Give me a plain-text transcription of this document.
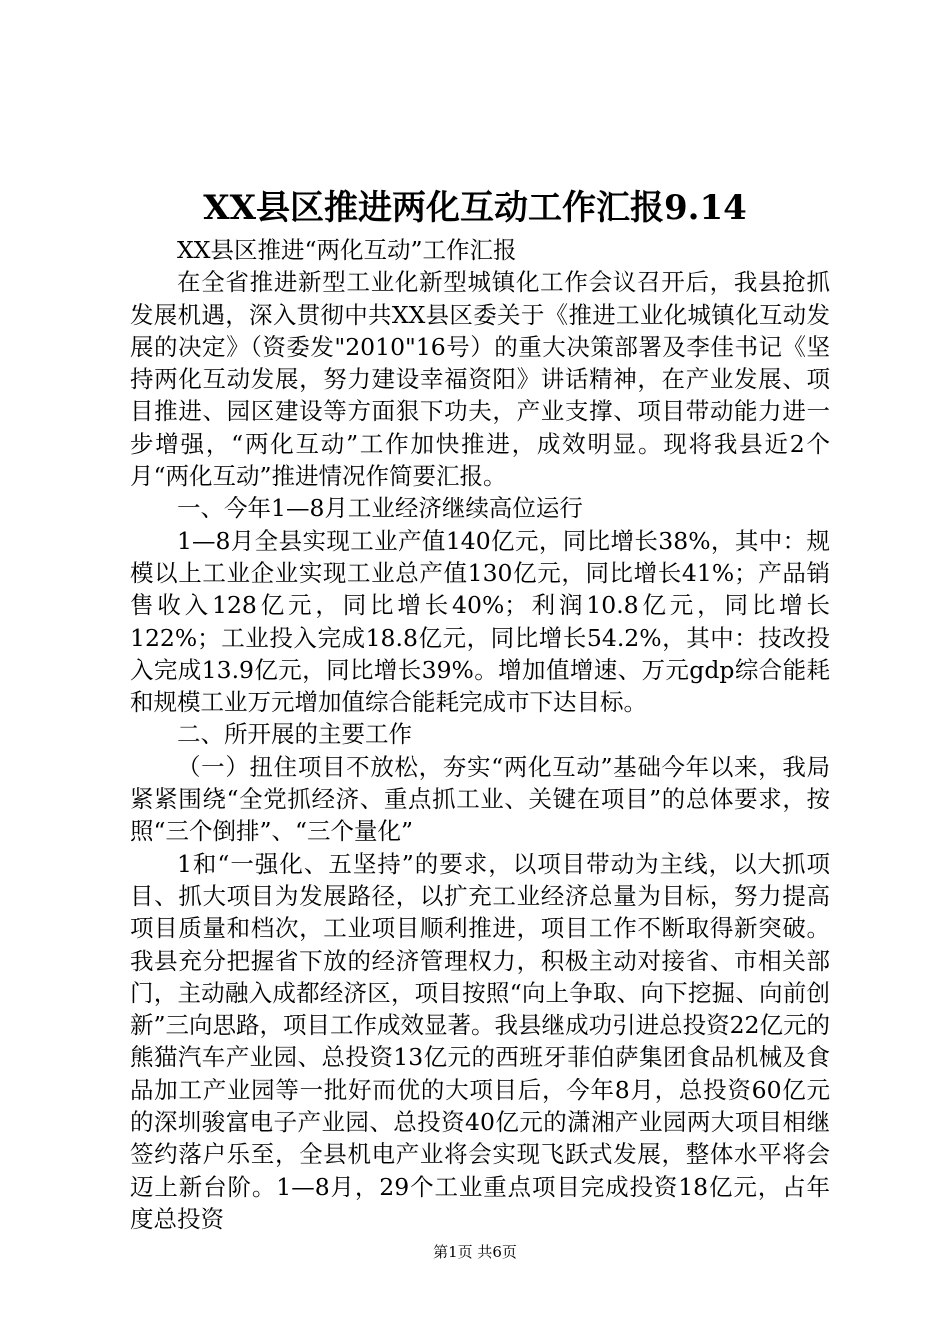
XX县区推进两化互动工作汇报9.14

XX县区推进“两化互动”工作汇报

在全省推进新型工业化新型城镇化工作会议召开后，我县抢抓发展机遇，深入贯彻中共XX县区委关于《推进工业化城镇化互动发展的决定》（资委发"2010"16号）的重大决策部署及李佳书记《坚持两化互动发展，努力建设幸福资阳》讲话精神，在产业发展、项目推进、园区建设等方面狠下功夫，产业支撑、项目带动能力进一步增强，“两化互动”工作加快推进，成效明显。现将我县近2个月“两化互动”推进情况作简要汇报。

一、今年1—8月工业经济继续高位运行

1—8月全县实现工业产值140亿元，同比增长38%，其中：规模以上工业企业实现工业总产值130亿元，同比增长41%；产品销售收入128亿元，同比增长40%；利润10.8亿元，同比增长122%；工业投入完成18.8亿元，同比增长54.2%，其中：技改投入完成13.9亿元，同比增长39%。增加值增速、万元gdp综合能耗和规模工业万元增加值综合能耗完成市下达目标。

二、所开展的主要工作

（一）扭住项目不放松，夯实“两化互动”基础今年以来，我局紧紧围绕“全党抓经济、重点抓工业、关键在项目”的总体要求，按照“三个倒排”、“三个量化”

1和“一强化、五坚持”的要求，以项目带动为主线，以大抓项目、抓大项目为发展路径，以扩充工业经济总量为目标，努力提高项目质量和档次，工业项目顺利推进，项目工作不断取得新突破。我县充分把握省下放的经济管理权力，积极主动对接省、市相关部门，主动融入成都经济区，项目按照“向上争取、向下挖掘、向前创新”三向思路，项目工作成效显著。我县继成功引进总投资22亿元的熊猫汽车产业园、总投资13亿元的西班牙菲伯萨集团食品机械及食品加工产业园等一批好而优的大项目后，今年8月，总投资60亿元的深圳骏富电子产业园、总投资40亿元的潇湘产业园两大项目相继签约落户乐至，全县机电产业将会实现飞跃式发展，整体水平将会迈上新台阶。1—8月，29个工业重点项目完成投资18亿元，占年度总投资

第1页 共6页
